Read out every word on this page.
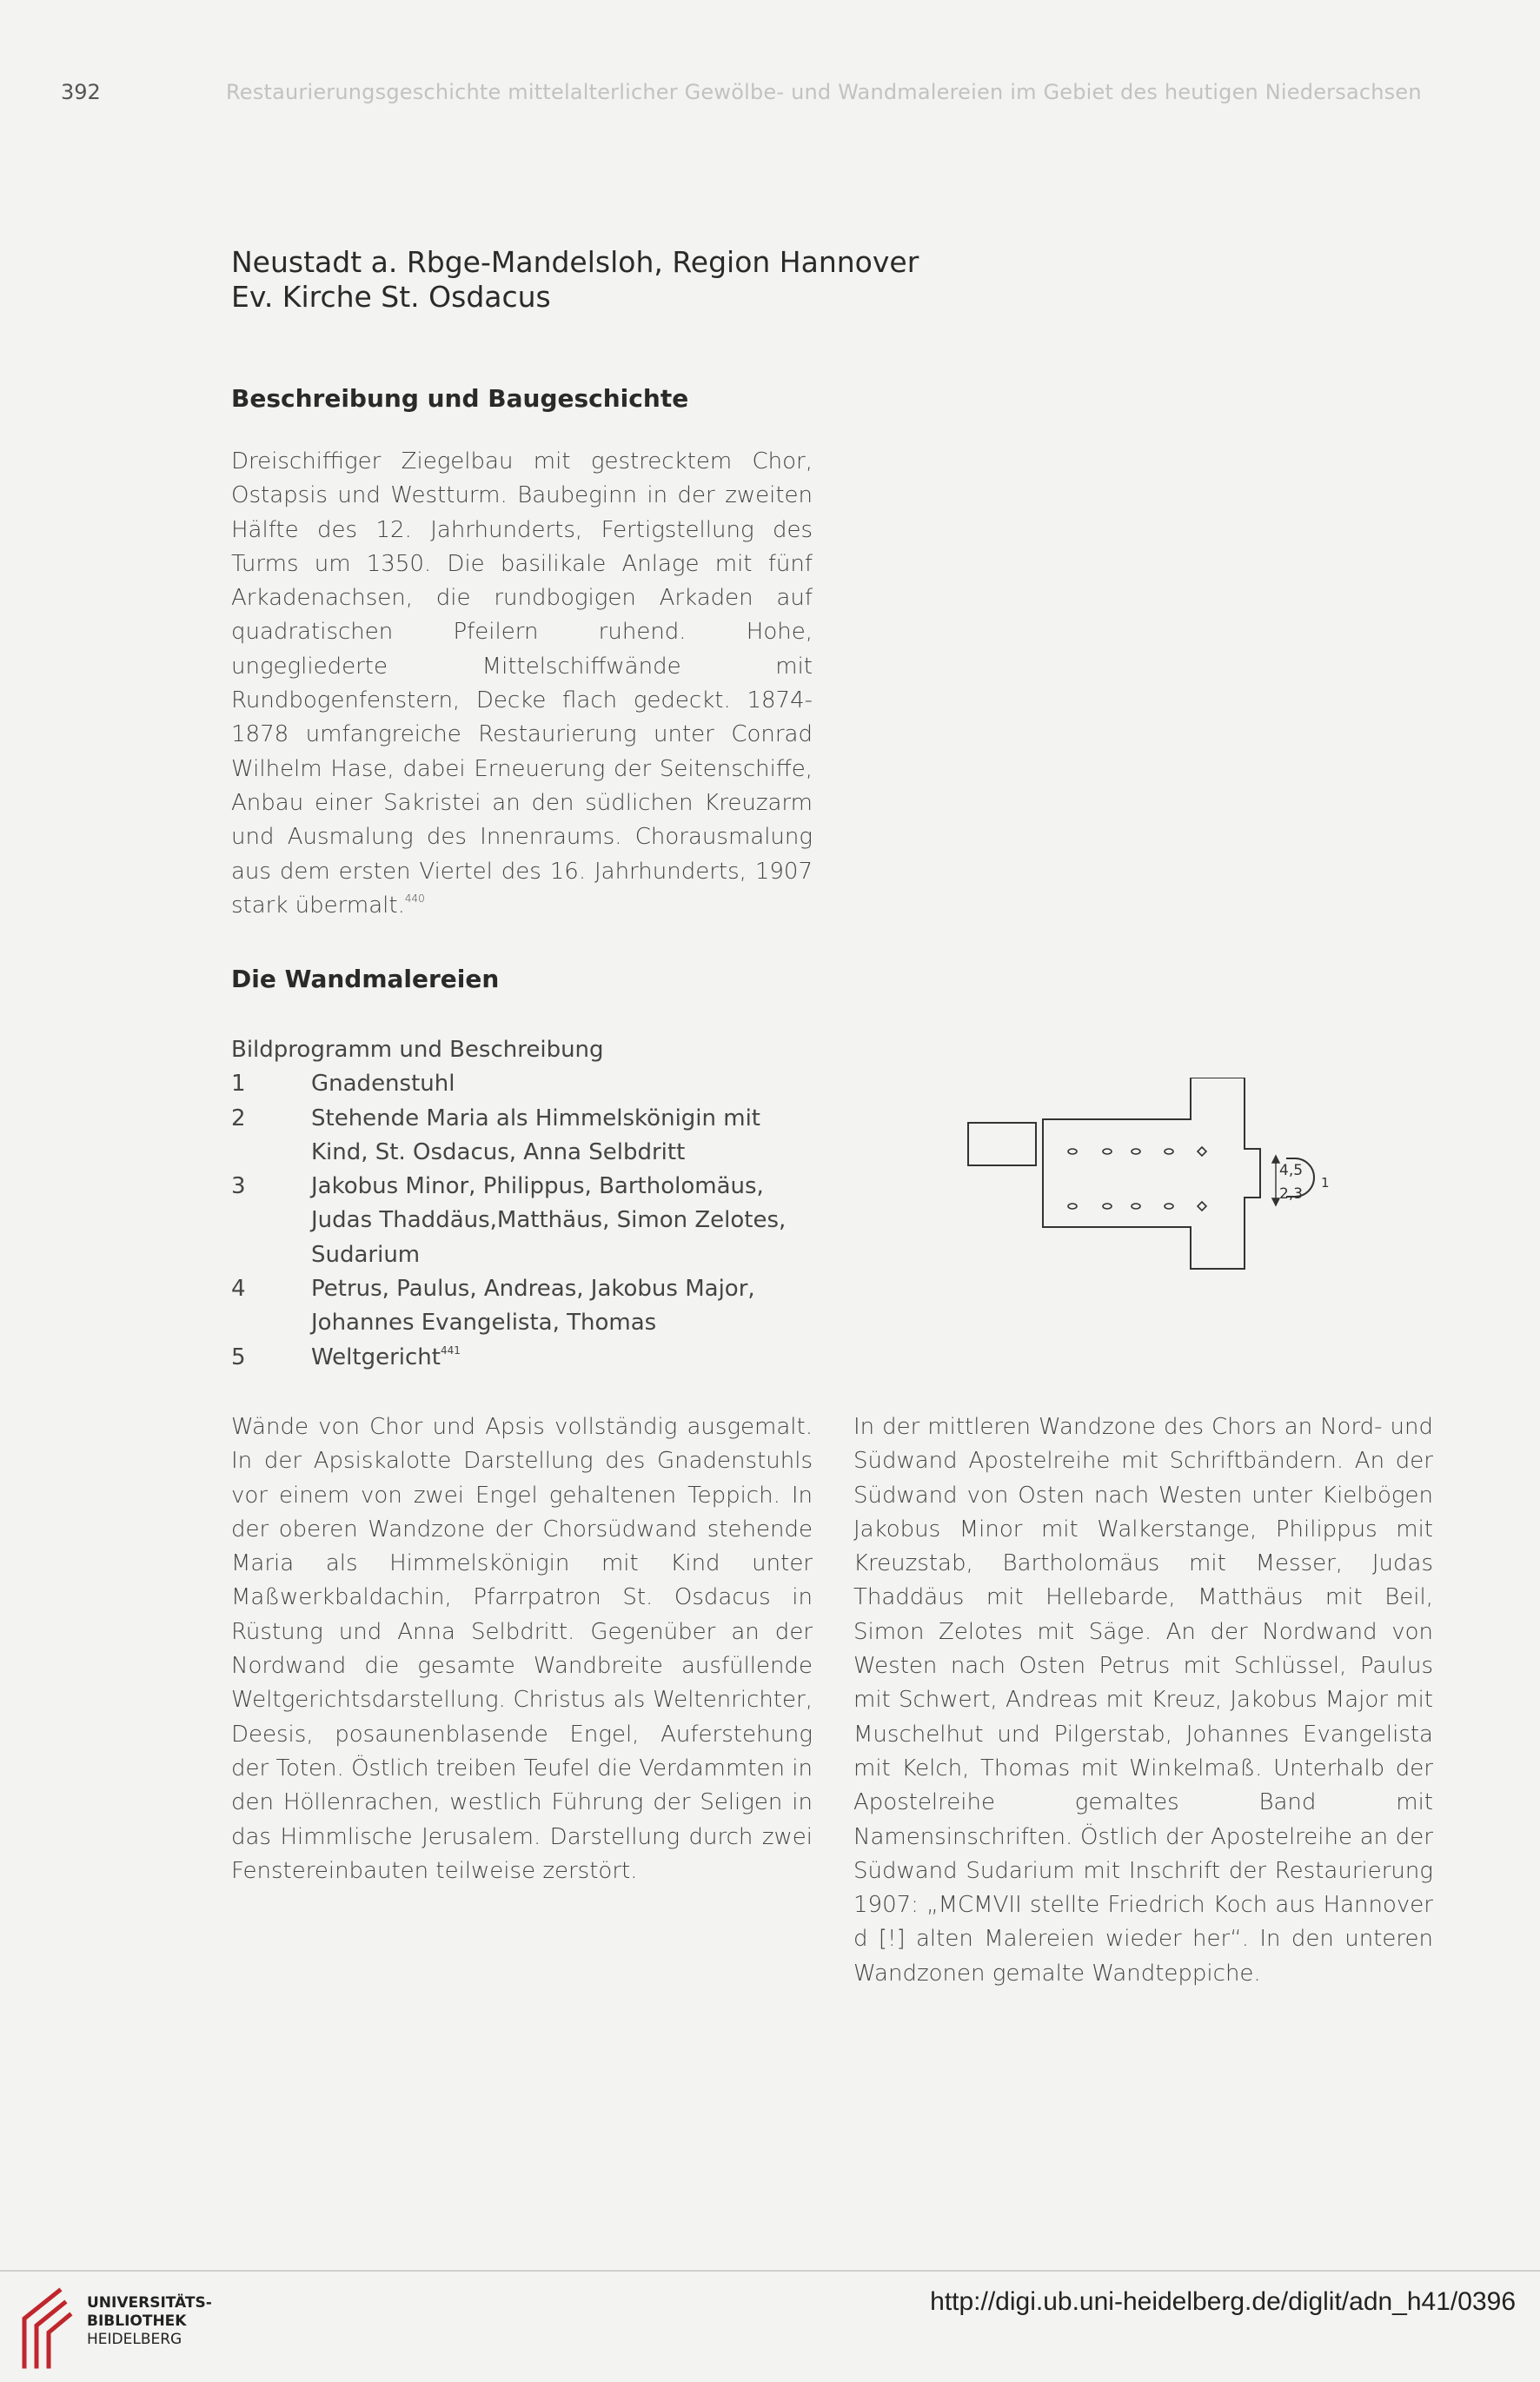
392	Restaurierungsgeschichte mittelalterlicher Gewölbe- und Wandmalereien im Gebiet des heutigen Niedersachsen
Neustadt a. Rbge-Mandelsloh, Region Hannover
Ev. Kirche St. Osdacus
Beschreibung und Baugeschichte

Dreischiffiger Ziegelbau mit gestrecktem Chor, Ostapsis und Westturm. Baubeginn in der zweiten Hälfte des 12. Jahrhunderts, Fertigstellung des Turms um 1350. Die basilikale Anlage mit fünf Arkadenachsen, die rundbogigen Arkaden auf quadratischen Pfeilern ruhend. Hohe, ungegliederte Mittelschiffwände mit Rundbogenfenstern, Decke flach gedeckt. 1874-1878 umfangreiche Restaurierung unter Conrad Wilhelm Hase, dabei Erneuerung der Seitenschiffe, Anbau einer Sakristei an den südlichen Kreuzarm und Ausmalung des Innenraums. Chorausmalung aus dem ersten Viertel des 16. Jahrhunderts, 1907 stark übermalt.$^{440}$

Die Wandmalereien

Bildprogramm und Beschreibung

1	Gnadenstuhl
2	Stehende Maria als Himmelskönigin mit Kind, St. Osdacus, Anna Selbdritt
3	Jakobus Minor, Philippus, Bartholomäus, Judas Thaddäus,Matthäus, Simon Zelotes, Sudarium
4	Petrus, Paulus, Andreas, Jakobus Major, Johannes Evangelista, Thomas
5	Weltgericht$^{441}$
4,5
2,3
1

Wände von Chor und Apsis vollständig ausgemalt. In der Apsiskalotte Darstellung des Gnadenstuhls vor einem von zwei Engel gehaltenen Teppich. In der oberen Wandzone der Chorsüdwand stehende Maria als Himmelskönigin mit Kind unter Maßwerkbaldachin, Pfarrpatron St. Osdacus in Rüstung und Anna Selbdritt. Gegenüber an der Nordwand die gesamte Wandbreite ausfüllende Weltgerichtsdarstellung. Christus als Weltenrichter, Deesis, posaunenblasende Engel, Auferstehung der Toten. Östlich treiben Teufel die Verdammten in den Höllenrachen, westlich Führung der Seligen in das Himmlische Jerusalem. Darstellung durch zwei Fenstereinbauten teilweise zerstört.

In der mittleren Wandzone des Chors an Nord- und Südwand Apostelreihe mit Schriftbändern. An der Südwand von Osten nach Westen unter Kielbögen Jakobus Minor mit Walkerstange, Philippus mit Kreuzstab, Bartholomäus mit Messer, Judas Thaddäus mit Hellebarde, Matthäus mit Beil, Simon Zelotes mit Säge. An der Nordwand von Westen nach Osten Petrus mit Schlüssel, Paulus mit Schwert, Andreas mit Kreuz, Jakobus Major mit Muschelhut und Pilgerstab, Johannes Evangelista mit Kelch, Thomas mit Winkelmaß. Unterhalb der Apostelreihe gemaltes Band mit Namensinschriften. Östlich der Apostelreihe an der Südwand Sudarium mit Inschrift der Restaurierung 1907: „MCMVII stellte Friedrich Koch aus Hannover d [!] alten Malereien wieder her“. In den unteren Wandzonen gemalte Wandteppiche.

UNIVERSITÄTS-
BIBLIOTHEK
HEIDELBERG
http://digi.ub.uni-heidelberg.de/diglit/adn_h41/0396
